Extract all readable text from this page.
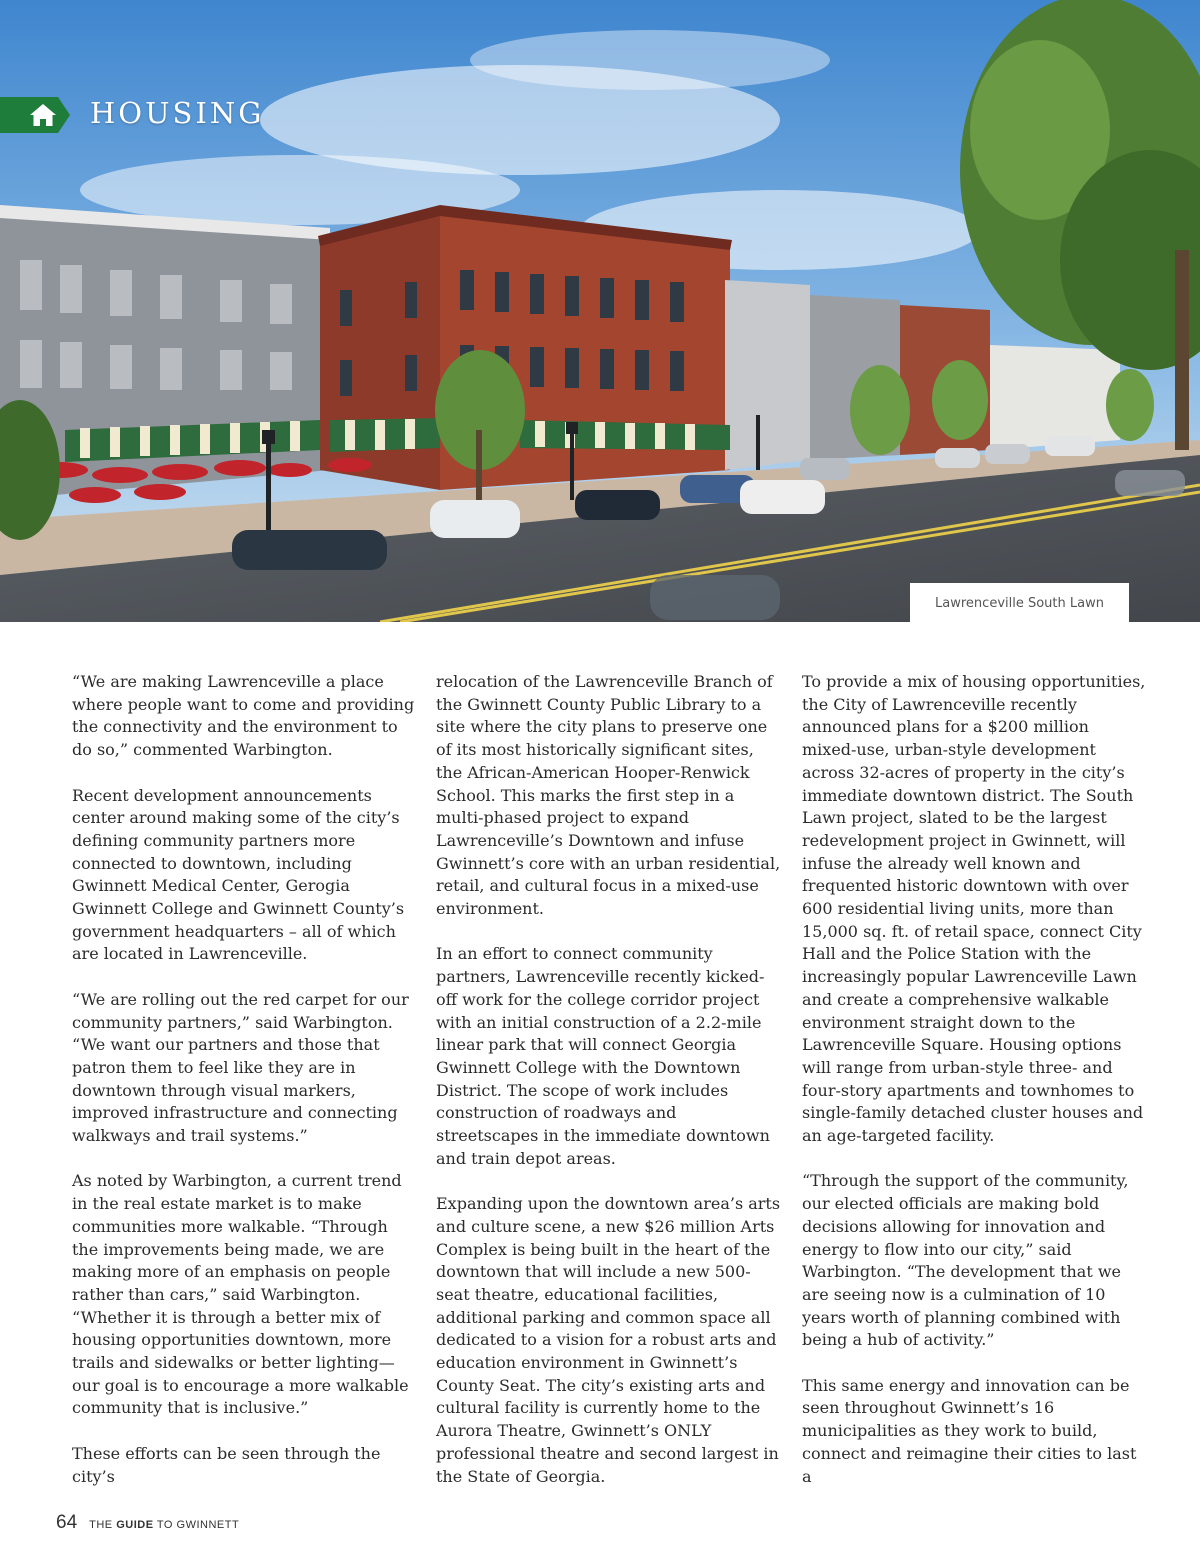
HOUSING
Lawrenceville South Lawn

“We are making Lawrenceville a place where people want to come and providing the connectivity and the environment to do so,” commented Warbington.

Recent development announcements center around making some of the city’s defining community partners more connected to downtown, including Gwinnett Medical Center, Gerogia Gwinnett College and Gwinnett County’s government headquarters – all of which are located in Lawrenceville.

“We are rolling out the red carpet for our community partners,” said Warbington. “We want our partners and those that patron them to feel like they are in downtown through visual markers, improved infrastructure and connecting walkways and trail systems.”

As noted by Warbington, a current trend in the real estate market is to make communities more walkable. “Through the improvements being made, we are making more of an emphasis on people rather than cars,” said Warbington. “Whether it is through a better mix of housing opportunities downtown, more trails and sidewalks or better lighting—our goal is to encourage a more walkable community that is inclusive.”

These efforts can be seen through the city’s

relocation of the Lawrenceville Branch of the Gwinnett County Public Library to a site where the city plans to preserve one of its most historically significant sites, the African-American Hooper-Renwick School. This marks the first step in a multi-phased project to expand Lawrenceville’s Downtown and infuse Gwinnett’s core with an urban residential, retail, and cultural focus in a mixed-use environment.

In an effort to connect community partners, Lawrenceville recently kicked-off work for the college corridor project with an initial construction of a 2.2-mile linear park that will connect Georgia Gwinnett College with the Downtown District. The scope of work includes construction of roadways and streetscapes in the immediate downtown and train depot areas.

Expanding upon the downtown area’s arts and culture scene, a new $26 million Arts Complex is being built in the heart of the downtown that will include a new 500-seat theatre, educational facilities, additional parking and common space all dedicated to a vision for a robust arts and education environment in Gwinnett’s County Seat. The city’s existing arts and cultural facility is currently home to the Aurora Theatre, Gwinnett’s ONLY professional theatre and second largest in the State of Georgia.

To provide a mix of housing opportunities, the City of Lawrenceville recently announced plans for a $200 million mixed-use, urban-style development across 32-acres of property in the city’s immediate downtown district. The South Lawn project, slated to be the largest redevelopment project in Gwinnett, will infuse the already well known and frequented historic downtown with over 600 residential living units, more than 15,000 sq. ft. of retail space, connect City Hall and the Police Station with the increasingly popular Lawrenceville Lawn and create a comprehensive walkable environment straight down to the Lawrenceville Square. Housing options will range from urban-style three- and four-story apartments and townhomes to single-family detached cluster houses and an age-targeted facility.

“Through the support of the community, our elected officials are making bold decisions allowing for innovation and energy to flow into our city,” said Warbington. “The development that we are seeing now is a culmination of 10 years worth of planning combined with being a hub of activity.”

This same energy and innovation can be seen throughout Gwinnett’s 16 municipalities as they work to build, connect and reimagine their cities to last a

64 THE GUIDE TO GWINNETT
